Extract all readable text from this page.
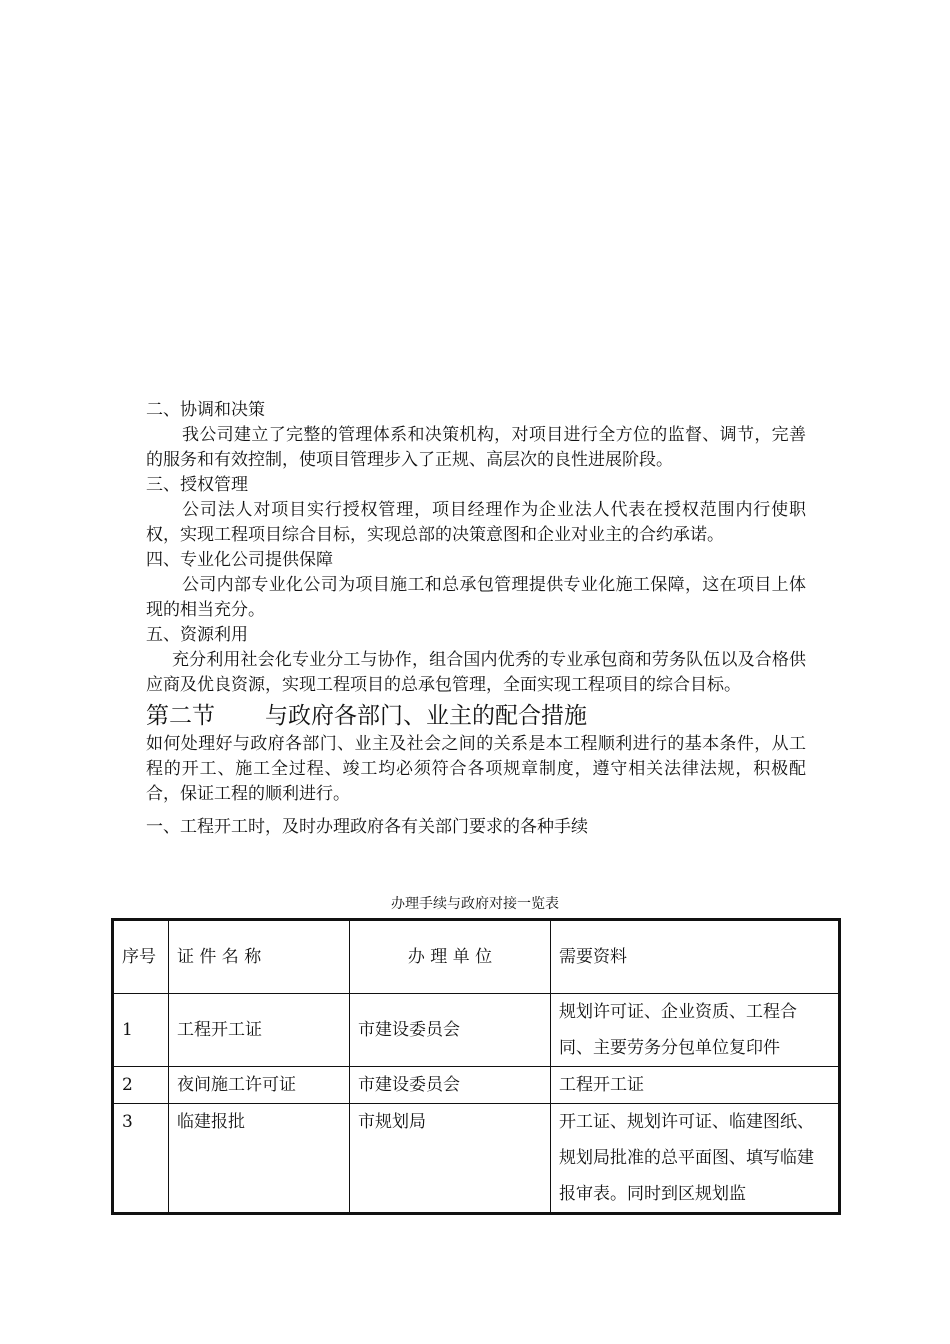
二、协调和决策

我公司建立了完整的管理体系和决策机构，对项目进行全方位的监督、调节，完善的服务和有效控制，使项目管理步入了正规、高层次的良性进展阶段。

三、授权管理

公司法人对项目实行授权管理，项目经理作为企业法人代表在授权范围内行使职权，实现工程项目综合目标，实现总部的决策意图和企业对业主的合约承诺。

四、专业化公司提供保障

公司内部专业化公司为项目施工和总承包管理提供专业化施工保障，这在项目上体现的相当充分。

五、资源利用

充分利用社会化专业分工与协作，组合国内优秀的专业承包商和劳务队伍以及合格供应商及优良资源，实现工程项目的总承包管理，全面实现工程项目的综合目标。

第二节 与政府各部门、业主的配合措施

如何处理好与政府各部门、业主及社会之间的关系是本工程顺利进行的基本条件，从工程的开工、施工全过程、竣工均必须符合各项规章制度，遵守相关法律法规，积极配合，保证工程的顺利进行。

一、工程开工时，及时办理政府各有关部门要求的各种手续

办理手续与政府对接一览表
序号	证 件 名 称	办 理 单 位	需要资料
1	工程开工证	市建设委员会	规划许可证、企业资质、工程合同、主要劳务分包单位复印件
2	夜间施工许可证	市建设委员会	工程开工证
3	临建报批	市规划局	开工证、规划许可证、临建图纸、规划局批准的总平面图、填写临建报审表。同时到区规划监
